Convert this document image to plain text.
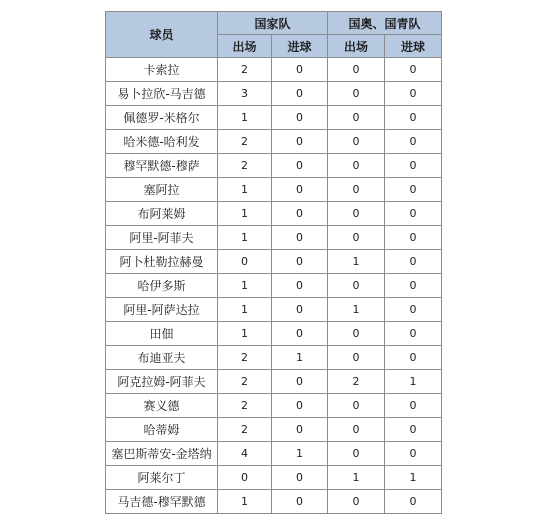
球员	国家队		国奥、国青队	
	出场	进球	出场	进球
卡索拉	2	0	0	0
易卜拉欣-马吉德	3	0	0	0
佩德罗-米格尔	1	0	0	0
哈米德-哈利发	2	0	0	0
穆罕默德-穆萨	2	0	0	0
塞阿拉	1	0	0	0
布阿莱姆	1	0	0	0
阿里-阿菲夫	1	0	0	0
阿卜杜勒拉赫曼	0	0	1	0
哈伊多斯	1	0	0	0
阿里-阿萨达拉	1	0	1	0
田佃	1	0	0	0
布迪亚夫	2	1	0	0
阿克拉姆-阿菲夫	2	0	2	1
赛义德	2	0	0	0
哈蒂姆	2	0	0	0
塞巴斯蒂安-金塔纳	4	1	0	0
阿莱尔丁	0	0	1	1
马吉德-穆罕默德	1	0	0	0
